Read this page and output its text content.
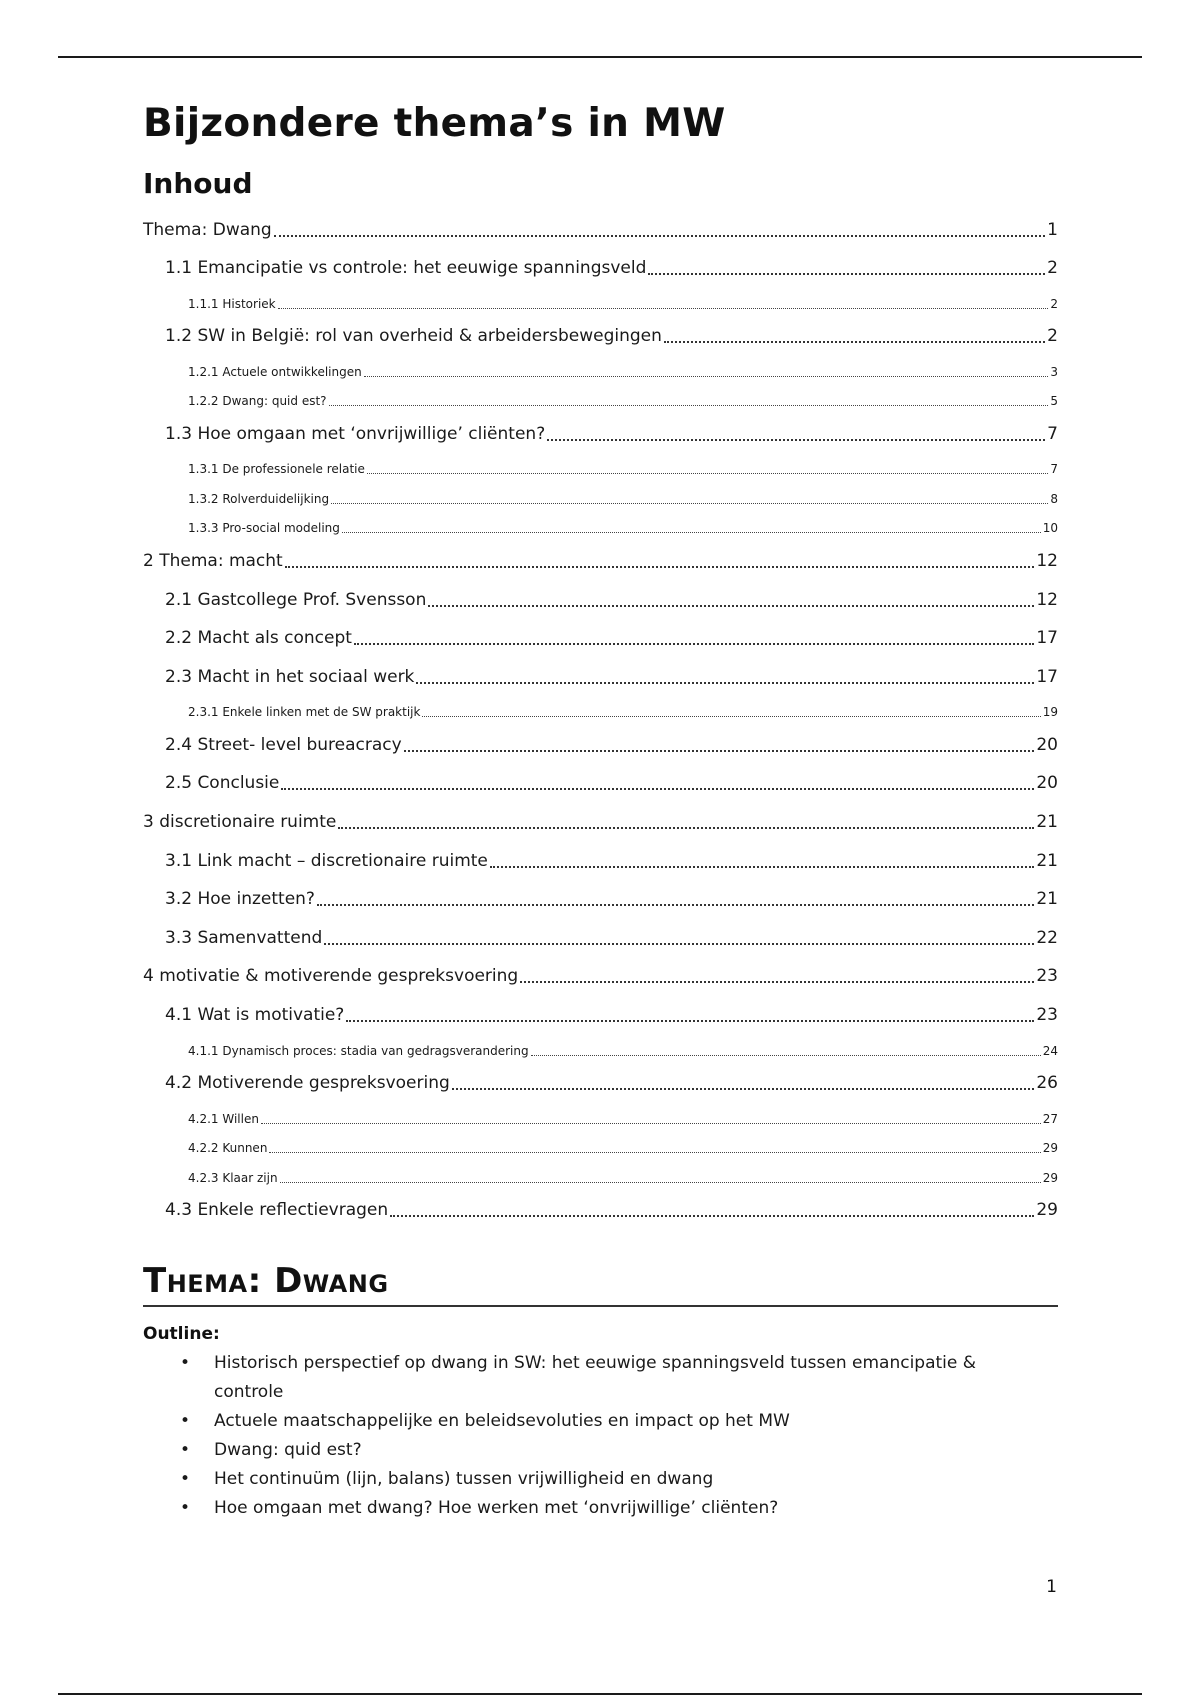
Bijzondere thema’s in MW
Inhoud
Thema: Dwang	1
1.1 Emancipatie vs controle: het eeuwige spanningsveld	2
1.1.1 Historiek	2
1.2 SW in België: rol van overheid & arbeidersbewegingen	2
1.2.1 Actuele ontwikkelingen	3
1.2.2 Dwang: quid est?	5
1.3 Hoe omgaan met ‘onvrijwillige’ cliënten?	7
1.3.1 De professionele relatie	7
1.3.2 Rolverduidelijking	8
1.3.3 Pro-social modeling	10
2 Thema: macht	12
2.1 Gastcollege Prof. Svensson	12
2.2 Macht als concept	17
2.3 Macht in het sociaal werk	17
2.3.1 Enkele linken met de SW praktijk	19
2.4 Street- level bureacracy	20
2.5 Conclusie	20
3 discretionaire ruimte	21
3.1 Link macht – discretionaire ruimte	21
3.2 Hoe inzetten?	21
3.3 Samenvattend	22
4 motivatie & motiverende gespreksvoering	23
4.1 Wat is motivatie?	23
4.1.1 Dynamisch proces: stadia van gedragsverandering	24
4.2 Motiverende gespreksvoering	26
4.2.1 Willen	27
4.2.2 Kunnen	29
4.2.3 Klaar zijn	29
4.3 Enkele reflectievragen	29
Thema: Dwang
Outline:
• Historisch perspectief op dwang in SW: het eeuwige spanningsveld tussen emancipatie & controle
• Actuele maatschappelijke en beleidsevoluties en impact op het MW
• Dwang: quid est?
• Het continuüm (lijn, balans) tussen vrijwilligheid en dwang
• Hoe omgaan met dwang? Hoe werken met ‘onvrijwillige’ cliënten?
1
